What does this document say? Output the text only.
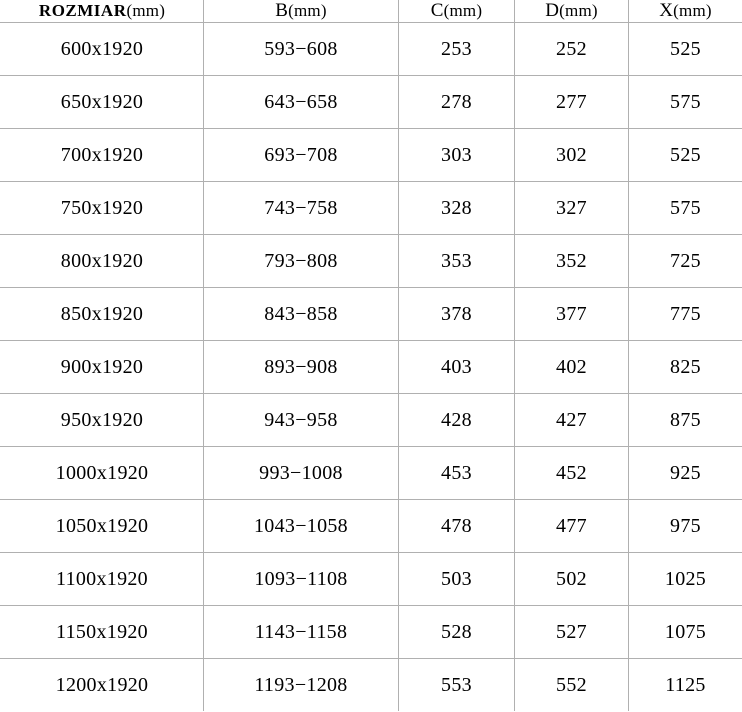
ROZMIAR(mm)	B(mm)	C(mm)	D(mm)	X(mm)
600x1920	593−608	253	252	525
650x1920	643−658	278	277	575
700x1920	693−708	303	302	525
750x1920	743−758	328	327	575
800x1920	793−808	353	352	725
850x1920	843−858	378	377	775
900x1920	893−908	403	402	825
950x1920	943−958	428	427	875
1000x1920	993−1008	453	452	925
1050x1920	1043−1058	478	477	975
1100x1920	1093−1108	503	502	1025
1150x1920	1143−1158	528	527	1075
1200x1920	1193−1208	553	552	1125
